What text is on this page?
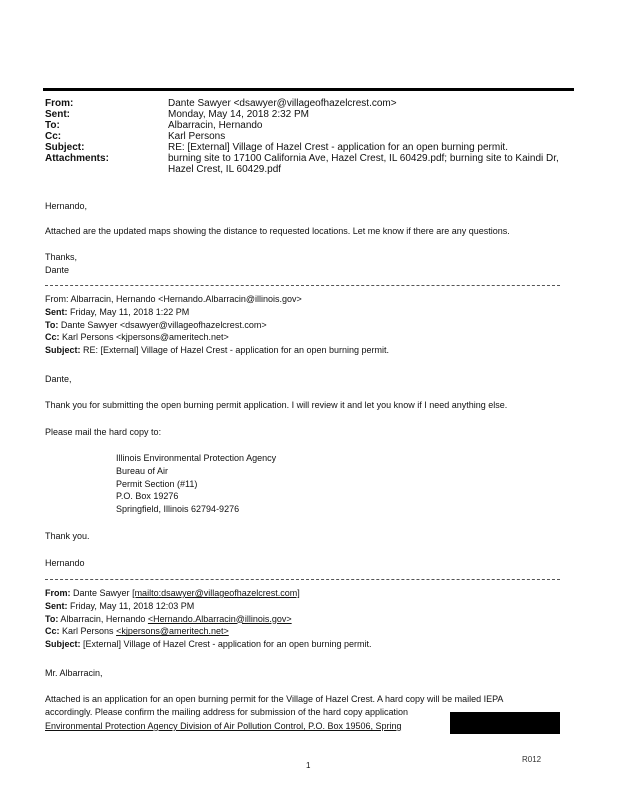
From:	Dante Sawyer <dsawyer@villageofhazelcrest.com>
Sent:	Monday, May 14, 2018 2:32 PM
To:	Albarracin, Hernando
Cc:	Karl Persons
Subject:	RE: [External] Village of Hazel Crest - application for an open burning permit.
Attachments:	burning site to 17100 California Ave, Hazel Crest, IL 60429.pdf; burning site to Kaindi Dr, Hazel Crest, IL 60429.pdf
Hernando,
Attached are the updated maps showing the distance to requested locations. Let me know if there are any questions.
Thanks,
Dante
From: Albarracin, Hernando <Hernando.Albarracin@illinois.gov>
Sent: Friday, May 11, 2018 1:22 PM
To: Dante Sawyer <dsawyer@villageofhazelcrest.com>
Cc: Karl Persons <kjpersons@ameritech.net>
Subject: RE: [External] Village of Hazel Crest - application for an open burning permit.
Dante,
Thank you for submitting the open burning permit application. I will review it and let you know if I need anything else.
Please mail the hard copy to:
Illinois Environmental Protection Agency
Bureau of Air
Permit Section (#11)
P.O. Box 19276
Springfield, Illinois 62794-9276
Thank you.
Hernando
From: Dante Sawyer [mailto:dsawyer@villageofhazelcrest.com]
Sent: Friday, May 11, 2018 12:03 PM
To: Albarracin, Hernando <Hernando.Albarracin@illinois.gov>
Cc: Karl Persons <kjpersons@ameritech.net>
Subject: [External] Village of Hazel Crest - application for an open burning permit.
Mr. Albarracin,
Attached is an application for an open burning permit for the Village of Hazel Crest. A hard copy will be mailed IEPA
accordingly. Please confirm the mailing address for submission of the hard copy application
Environmental Protection Agency Division of Air Pollution Control, P.O. Box 19506, Spring
1
R012
